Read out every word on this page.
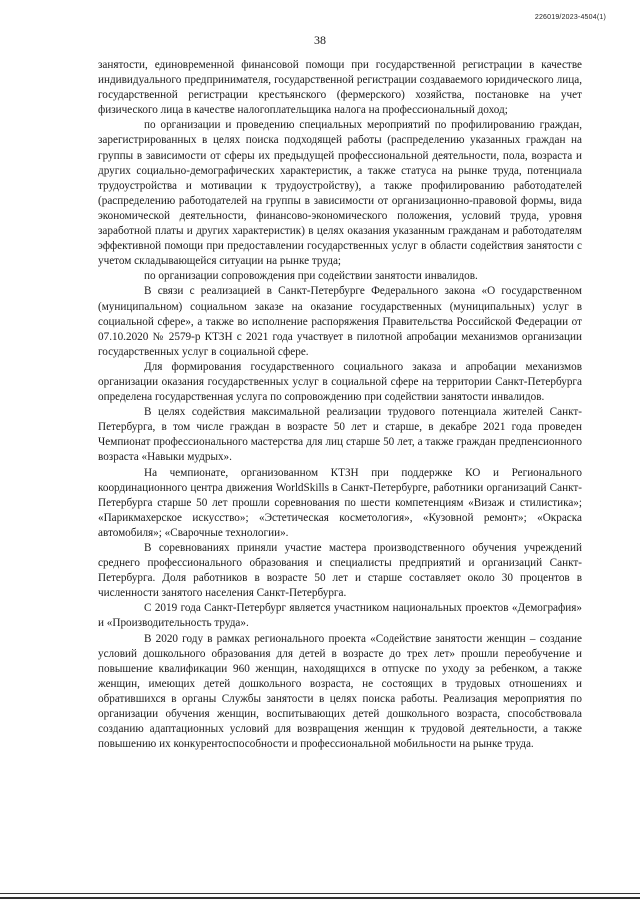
226019/2023-4504(1)
38

занятости, единовременной финансовой помощи при государственной регистрации в качестве индивидуального предпринимателя, государственной регистрации создаваемого юридического лица, государственной регистрации крестьянского (фермерского) хозяйства, постановке на учет физического лица в качестве налогоплательщика налога на профессиональный доход;

по организации и проведению специальных мероприятий по профилированию граждан, зарегистрированных в целях поиска подходящей работы (распределению указанных граждан на группы в зависимости от сферы их предыдущей профессиональной деятельности, пола, возраста и других социально-демографических характеристик, а также статуса на рынке труда, потенциала трудоустройства и мотивации к трудоустройству), а также профилированию работодателей (распределению работодателей на группы в зависимости от организационно-правовой формы, вида экономической деятельности, финансово-экономического положения, условий труда, уровня заработной платы и других характеристик) в целях оказания указанным гражданам и работодателям эффективной помощи при предоставлении государственных услуг в области содействия занятости с учетом складывающейся ситуации на рынке труда;

по организации сопровождения при содействии занятости инвалидов.

В связи с реализацией в Санкт-Петербурге Федерального закона «О государственном (муниципальном) социальном заказе на оказание государственных (муниципальных) услуг в социальной сфере», а также во исполнение распоряжения Правительства Российской Федерации от 07.10.2020 № 2579-р КТЗН с 2021 года участвует в пилотной апробации механизмов организации государственных услуг в социальной сфере.

Для формирования государственного социального заказа и апробации механизмов организации оказания государственных услуг в социальной сфере на территории Санкт-Петербурга определена государственная услуга по сопровождению при содействии занятости инвалидов.

В целях содействия максимальной реализации трудового потенциала жителей Санкт-Петербурга, в том числе граждан в возрасте 50 лет и старше, в декабре 2021 года проведен Чемпионат профессионального мастерства для лиц старше 50 лет, а также граждан предпенсионного возраста «Навыки мудрых».

На чемпионате, организованном КТЗН при поддержке КО и Регионального координационного центра движения WorldSkills в Санкт-Петербурге, работники организаций Санкт-Петербурга старше 50 лет прошли соревнования по шести компетенциям «Визаж и стилистика»; «Парикмахерское искусство»; «Эстетическая косметология», «Кузовной ремонт»; «Окраска автомобиля»; «Сварочные технологии».

В соревнованиях приняли участие мастера производственного обучения учреждений среднего профессионального образования и специалисты предприятий и организаций Санкт-Петербурга. Доля работников в возрасте 50 лет и старше составляет около 30 процентов в численности занятого населения Санкт-Петербурга.

С 2019 года Санкт-Петербург является участником национальных проектов «Демография» и «Производительность труда».

В 2020 году в рамках регионального проекта «Содействие занятости женщин – создание условий дошкольного образования для детей в возрасте до трех лет» прошли переобучение и повышение квалификации 960 женщин, находящихся в отпуске по уходу за ребенком, а также женщин, имеющих детей дошкольного возраста, не состоящих в трудовых отношениях и обратившихся в органы Службы занятости в целях поиска работы. Реализация мероприятия по организации обучения женщин, воспитывающих детей дошкольного возраста, способствовала созданию адаптационных условий для возвращения женщин к трудовой деятельности, а также повышению их конкурентоспособности и профессиональной мобильности на рынке труда.
